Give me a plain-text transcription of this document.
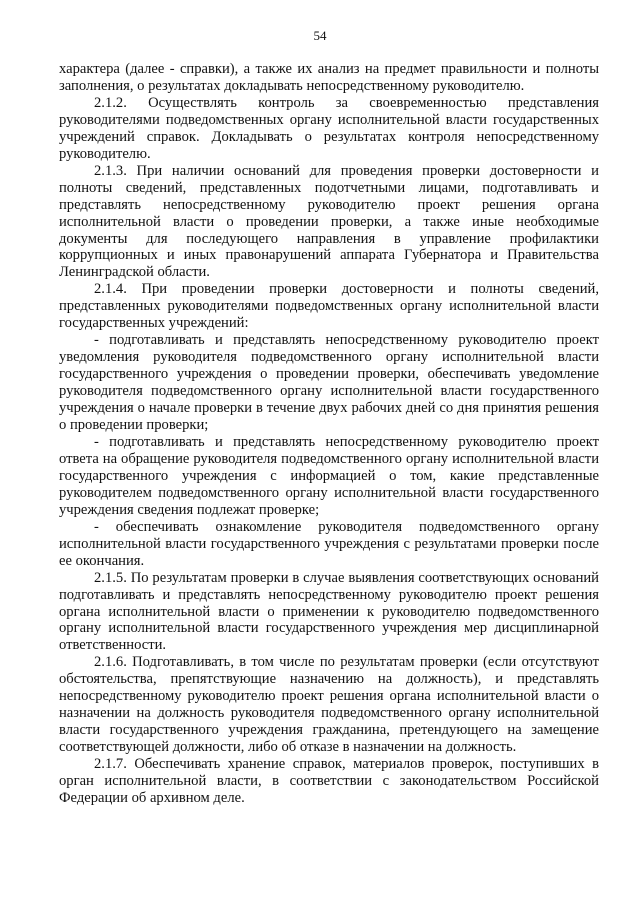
54

характера (далее - справки), а также их анализ на предмет правильности и полноты заполнения, о результатах докладывать непосредственному руководителю.

2.1.2. Осуществлять контроль за своевременностью представления руководителями подведомственных органу исполнительной власти государственных учреждений справок. Докладывать о результатах контроля непосредственному руководителю.

2.1.3. При наличии оснований для проведения проверки достоверности и полноты сведений, представленных подотчетными лицами, подготавливать и представлять непосредственному руководителю проект решения органа исполнительной власти о проведении проверки, а также иные необходимые документы для последующего направления в управление профилактики коррупционных и иных правонарушений аппарата Губернатора и Правительства Ленинградской области.

2.1.4. При проведении проверки достоверности и полноты сведений, представленных руководителями подведомственных органу исполнительной власти государственных учреждений:

- подготавливать и представлять непосредственному руководителю проект уведомления руководителя подведомственного органу исполнительной власти государственного учреждения о проведении проверки, обеспечивать уведомление руководителя подведомственного органу исполнительной власти государственного учреждения о начале проверки в течение двух рабочих дней со дня принятия решения о проведении проверки;

- подготавливать и представлять непосредственному руководителю проект ответа на обращение руководителя подведомственного органу исполнительной власти государственного учреждения с информацией о том, какие представленные руководителем подведомственного органу исполнительной власти государственного учреждения сведения подлежат проверке;

- обеспечивать ознакомление руководителя подведомственного органу исполнительной власти государственного учреждения с результатами проверки после ее окончания.

2.1.5. По результатам проверки в случае выявления соответствующих оснований подготавливать и представлять непосредственному руководителю проект решения органа исполнительной власти о применении к руководителю подведомственного органу исполнительной власти государственного учреждения мер дисциплинарной ответственности.

2.1.6. Подготавливать, в том числе по результатам проверки (если отсутствуют обстоятельства, препятствующие назначению на должность), и представлять непосредственному руководителю проект решения органа исполнительной власти о назначении на должность руководителя подведомственного органу исполнительной власти государственного учреждения гражданина, претендующего на замещение соответствующей должности, либо об отказе в назначении на должность.

2.1.7. Обеспечивать хранение справок, материалов проверок, поступивших в орган исполнительной власти, в соответствии с законодательством Российской Федерации об архивном деле.
